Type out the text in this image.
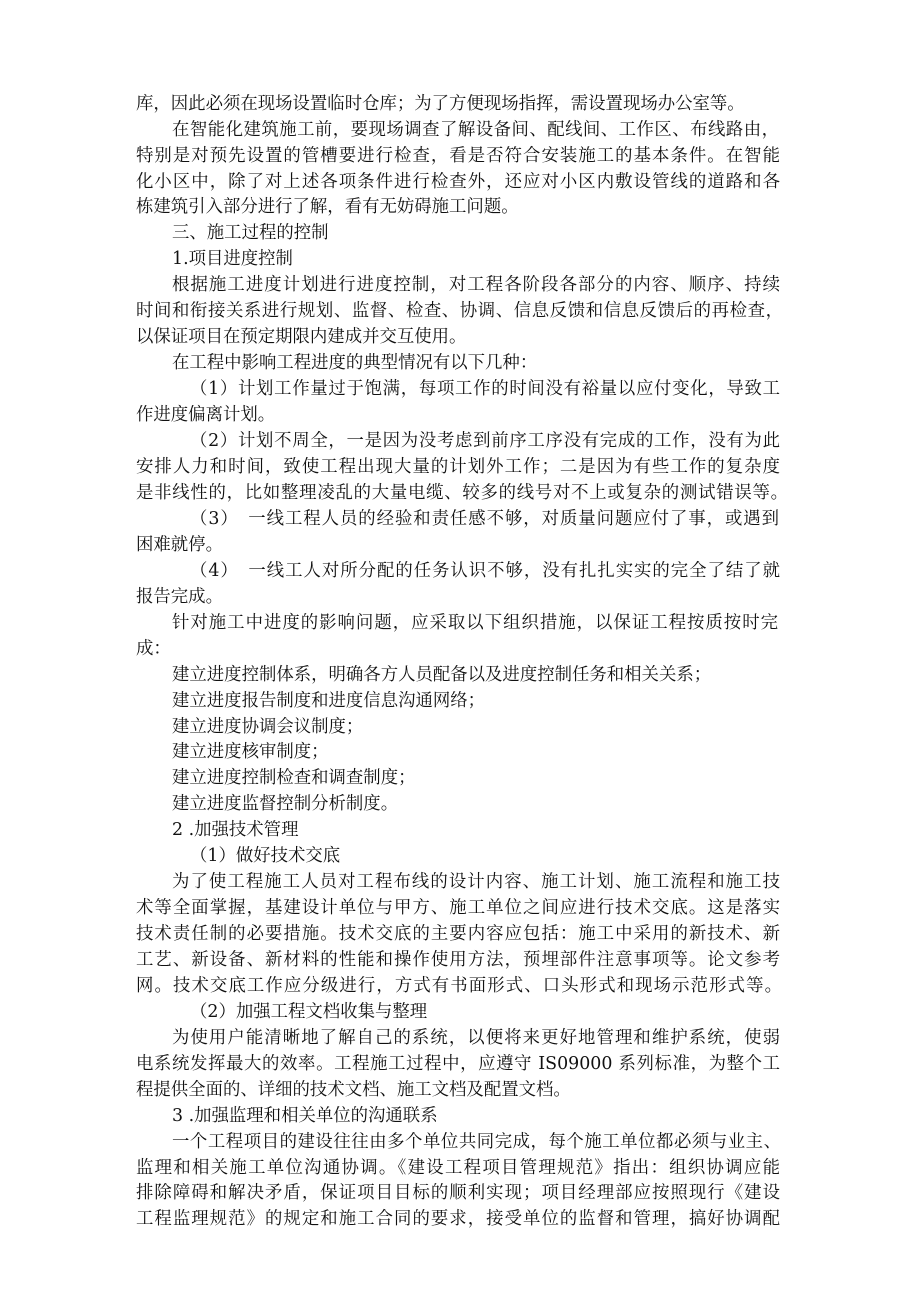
库，因此必须在现场设置临时仓库；为了方便现场指挥，需设置现场办公室等。
在智能化建筑施工前，要现场调查了解设备间、配线间、工作区、布线路由，
特别是对预先设置的管槽要进行检查，看是否符合安装施工的基本条件。在智能
化小区中，除了对上述各项条件进行检查外，还应对小区内敷设管线的道路和各
栋建筑引入部分进行了解，看有无妨碍施工问题。
三、施工过程的控制
1.项目进度控制
根据施工进度计划进行进度控制，对工程各阶段各部分的内容、顺序、持续
时间和衔接关系进行规划、监督、检查、协调、信息反馈和信息反馈后的再检查，
以保证项目在预定期限内建成并交互使用。
在工程中影响工程进度的典型情况有以下几种：
（1）计划工作量过于饱满，每项工作的时间没有裕量以应付变化，导致工
作进度偏离计划。
（2）计划不周全，一是因为没考虑到前序工序没有完成的工作，没有为此
安排人力和时间，致使工程出现大量的计划外工作；二是因为有些工作的复杂度
是非线性的，比如整理凌乱的大量电缆、较多的线号对不上或复杂的测试错误等。
（3）　一线工程人员的经验和责任感不够，对质量问题应付了事，或遇到
困难就停。
（4）　一线工人对所分配的任务认识不够，没有扎扎实实的完全了结了就
报告完成。
针对施工中进度的影响问题，应采取以下组织措施，以保证工程按质按时完
成：
建立进度控制体系，明确各方人员配备以及进度控制任务和相关关系；
建立进度报告制度和进度信息沟通网络；
建立进度协调会议制度；
建立进度核审制度；
建立进度控制检查和调查制度；
建立进度监督控制分析制度。
2 .加强技术管理
（1）做好技术交底
为了使工程施工人员对工程布线的设计内容、施工计划、施工流程和施工技
术等全面掌握，基建设计单位与甲方、施工单位之间应进行技术交底。这是落实
技术责任制的必要措施。技术交底的主要内容应包括：施工中采用的新技术、新
工艺、新设备、新材料的性能和操作使用方法，预埋部件注意事项等。论文参考
网。技术交底工作应分级进行，方式有书面形式、口头形式和现场示范形式等。
（2）加强工程文档收集与整理
为使用户能清晰地了解自己的系统，以便将来更好地管理和维护系统，使弱
电系统发挥最大的效率。工程施工过程中，应遵守 IS09000 系列标准，为整个工
程提供全面的、详细的技术文档、施工文档及配置文档。
3 .加强监理和相关单位的沟通联系
一个工程项目的建设往往由多个单位共同完成，每个施工单位都必须与业主、
监理和相关施工单位沟通协调。《建设工程项目管理规范》指出：组织协调应能
排除障碍和解决矛盾，保证项目目标的顺利实现；项目经理部应按照现行《建设
工程监理规范》的规定和施工合同的要求，接受单位的监督和管理，搞好协调配
